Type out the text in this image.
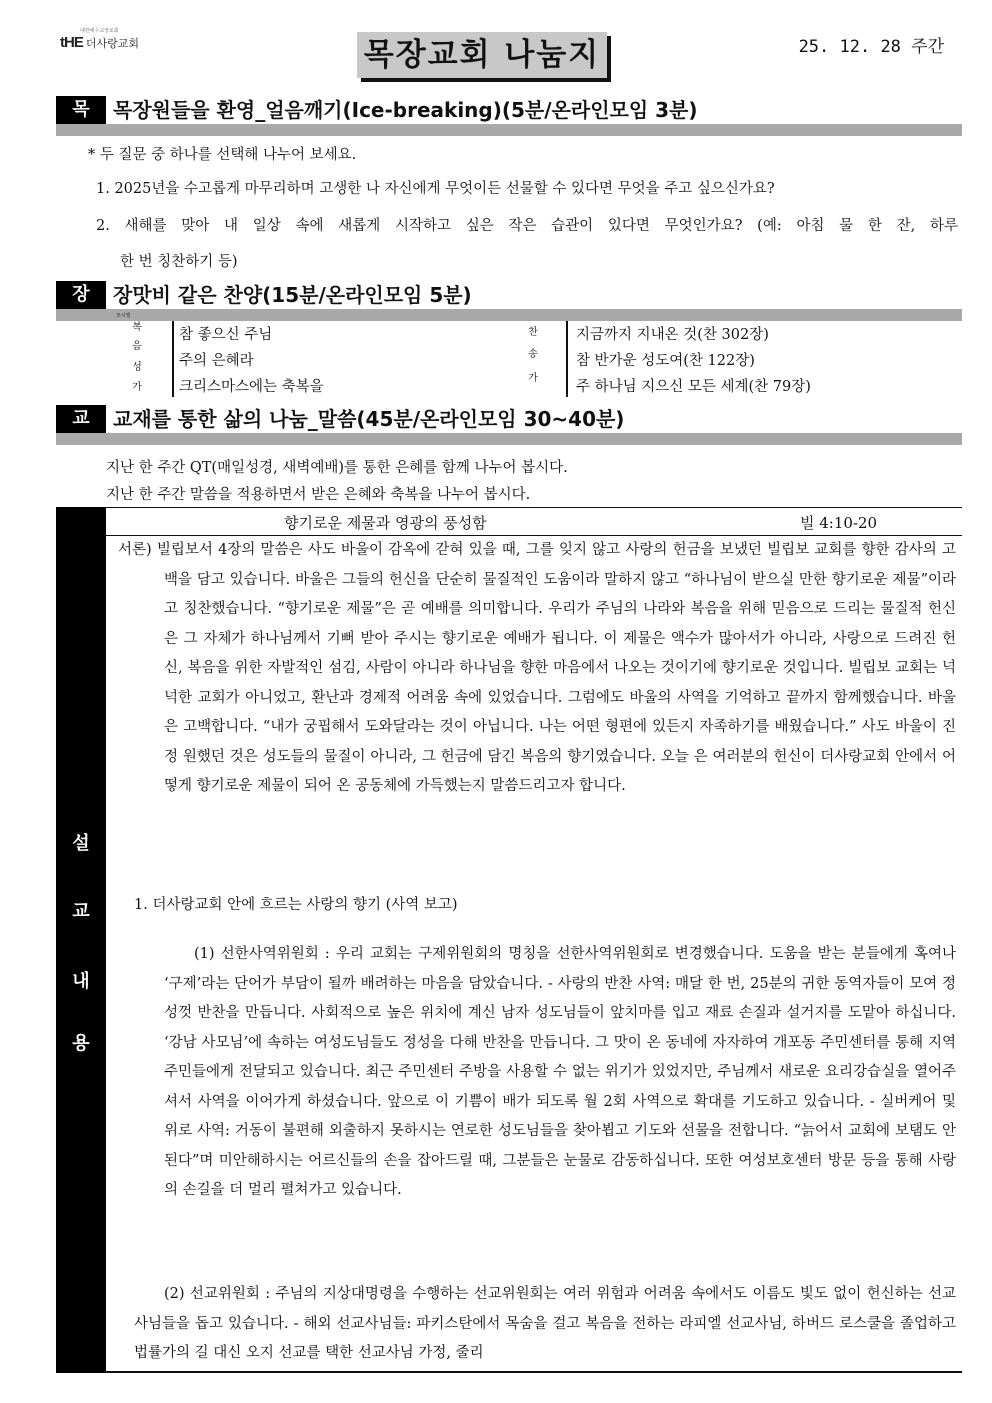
대한예수교장로회
tHE 더사랑교회	목장교회 나눔지	25. 12. 28 주간
목	목장원들을 환영_얼음깨기(Ice-breaking)(5분/온라인모임 3분)
* 두 질문 중 하나를 선택해 나누어 보세요.
1. 2025년을 수고롭게 마무리하며 고생한 나 자신에게 무엇이든 선물할 수 있다면 무엇을 주고 싶으신가요?
2. 새해를 맞아 내 일상 속에 새롭게 시작하고 싶은 작은 습관이 있다면 무엇인가요? (예: 아침 물 한 잔, 하루
한 번 칭찬하기 등)
장	장맛비 같은 찬양(15분/온라인모임 5분)
모시엘
복
음
성
가
참 좋으신 주님
주의 은혜라
크리스마스에는 축복을
찬
송
가
지금까지 지내온 것(찬 302장)
참 반가운 성도여(찬 122장)
주 하나님 지으신 모든 세계(찬 79장)
교	교재를 통한 삶의 나눔_말씀(45분/온라인모임 30~40분)
지난 한 주간 QT(매일성경, 새벽예배)를 통한 은혜를 함께 나누어 봅시다.
지난 한 주간 말씀을 적용하면서 받은 은혜와 축복을 나누어 봅시다.
설
교
내
용
향기로운 제물과 영광의 풍성함	빌 4:10-20
서론) 빌립보서 4장의 말씀은 사도 바울이 감옥에 갇혀 있을 때, 그를 잊지 않고 사랑의 헌금을 보냈던 빌립보 교회를 향한 감사의 고백을 담고 있습니다. 바울은 그들의 헌신을 단순히 물질적인 도움이라 말하지 않고 “하나님이 받으실 만한 향기로운 제물”이라고 칭찬했습니다. “향기로운 제물”은 곧 예배를 의미합니다. 우리가 주님의 나라와 복음을 위해 믿음으로 드리는 물질적 헌신은 그 자체가 하나님께서 기뻐 받아 주시는 향기로운 예배가 됩니다. 이 제물은 액수가 많아서가 아니라, 사랑으로 드려진 헌신, 복음을 위한 자발적인 섬김, 사람이 아니라 하나님을 향한 마음에서 나오는 것이기에 향기로운 것입니다. 빌립보 교회는 넉넉한 교회가 아니었고, 환난과 경제적 어려움 속에 있었습니다. 그럼에도 바울의 사역을 기억하고 끝까지 함께했습니다. 바울은 고백합니다. “내가 궁핍해서 도와달라는 것이 아닙니다. 나는 어떤 형편에 있든지 자족하기를 배웠습니다.” 사도 바울이 진정 원했던 것은 성도들의 물질이 아니라, 그 헌금에 담긴 복음의 향기였습니다. 오늘 은 여러분의 헌신이 더사랑교회 안에서 어떻게 향기로운 제물이 되어 온 공동체에 가득했는지 말씀드리고자 합니다.
1. 더사랑교회 안에 흐르는 사랑의 향기 (사역 보고)
(1) 선한사역위원회 : 우리 교회는 구제위원회의 명칭을 선한사역위원회로 변경했습니다. 도움을 받는 분들에게 혹여나 ‘구제’라는 단어가 부담이 될까 배려하는 마음을 담았습니다. - 사랑의 반찬 사역: 매달 한 번, 25분의 귀한 동역자들이 모여 정성껏 반찬을 만듭니다. 사회적으로 높은 위치에 계신 남자 성도님들이 앞치마를 입고 재료 손질과 설거지를 도맡아 하십니다. ‘강남 사모님’에 속하는 여성도님들도 정성을 다해 반찬을 만듭니다. 그 맛이 온 동네에 자자하여 개포동 주민센터를 통해 지역 주민들에게 전달되고 있습니다. 최근 주민센터 주방을 사용할 수 없는 위기가 있었지만, 주님께서 새로운 요리강습실을 열어주셔서 사역을 이어가게 하셨습니다. 앞으로 이 기쁨이 배가 되도록 월 2회 사역으로 확대를 기도하고 있습니다. - 실버케어 및 위로 사역: 거동이 불편해 외출하지 못하시는 연로한 성도님들을 찾아뵙고 기도와 선물을 전합니다. “늙어서 교회에 보탬도 안 된다”며 미안해하시는 어르신들의 손을 잡아드릴 때, 그분들은 눈물로 감동하십니다. 또한 여성보호센터 방문 등을 통해 사랑의 손길을 더 멀리 펼쳐가고 있습니다.
(2) 선교위원회 : 주님의 지상대명령을 수행하는 선교위원회는 여러 위험과 어려움 속에서도 이름도 빛도 없이 헌신하는 선교사님들을 돕고 있습니다. - 해외 선교사님들: 파키스탄에서 목숨을 걸고 복음을 전하는 라피엘 선교사님, 하버드 로스쿨을 졸업하고 법률가의 길 대신 오지 선교를 택한 선교사님 가정, 줄리
